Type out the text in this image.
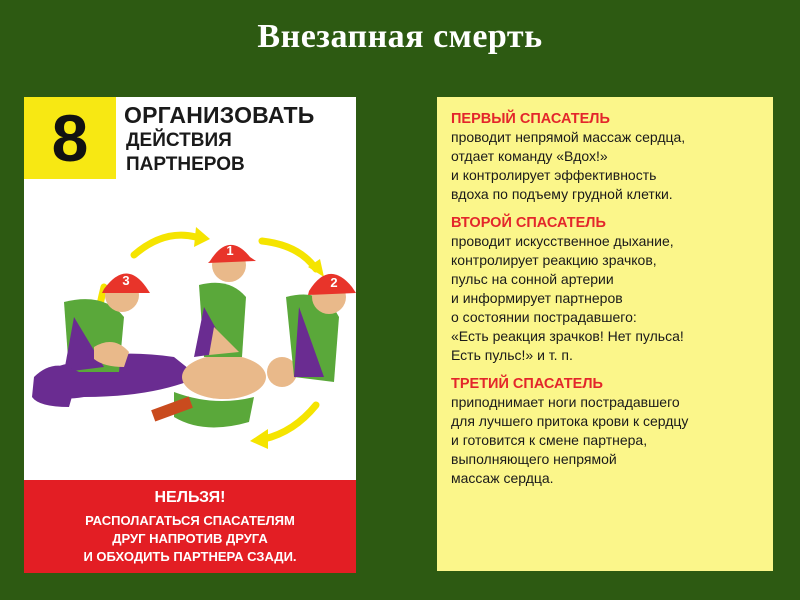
Внезапная смерть
8 ОРГАНИЗОВАТЬ
ДЕЙСТВИЯ
ПАРТНЕРОВ
1
2
3
НЕЛЬЗЯ!
РАСПОЛАГАТЬСЯ СПАСАТЕЛЯМ
ДРУГ НАПРОТИВ ДРУГА
И ОБХОДИТЬ ПАРТНЕРА СЗАДИ.
ПЕРВЫЙ СПАСАТЕЛЬ
проводит непрямой массаж сердца,
отдает команду «Вдох!»
и контролирует эффективность
вдоха по подъему грудной клетки.
ВТОРОЙ СПАСАТЕЛЬ
проводит искусственное дыхание,
контролирует реакцию зрачков,
пульс на сонной артерии
и информирует партнеров
о состоянии пострадавшего:
«Есть реакция зрачков! Нет пульса!
Есть пульс!» и т. п.
ТРЕТИЙ СПАСАТЕЛЬ
приподнимает ноги пострадавшего
для лучшего притока крови к сердцу
и готовится к смене партнера,
выполняющего непрямой
массаж сердца.
